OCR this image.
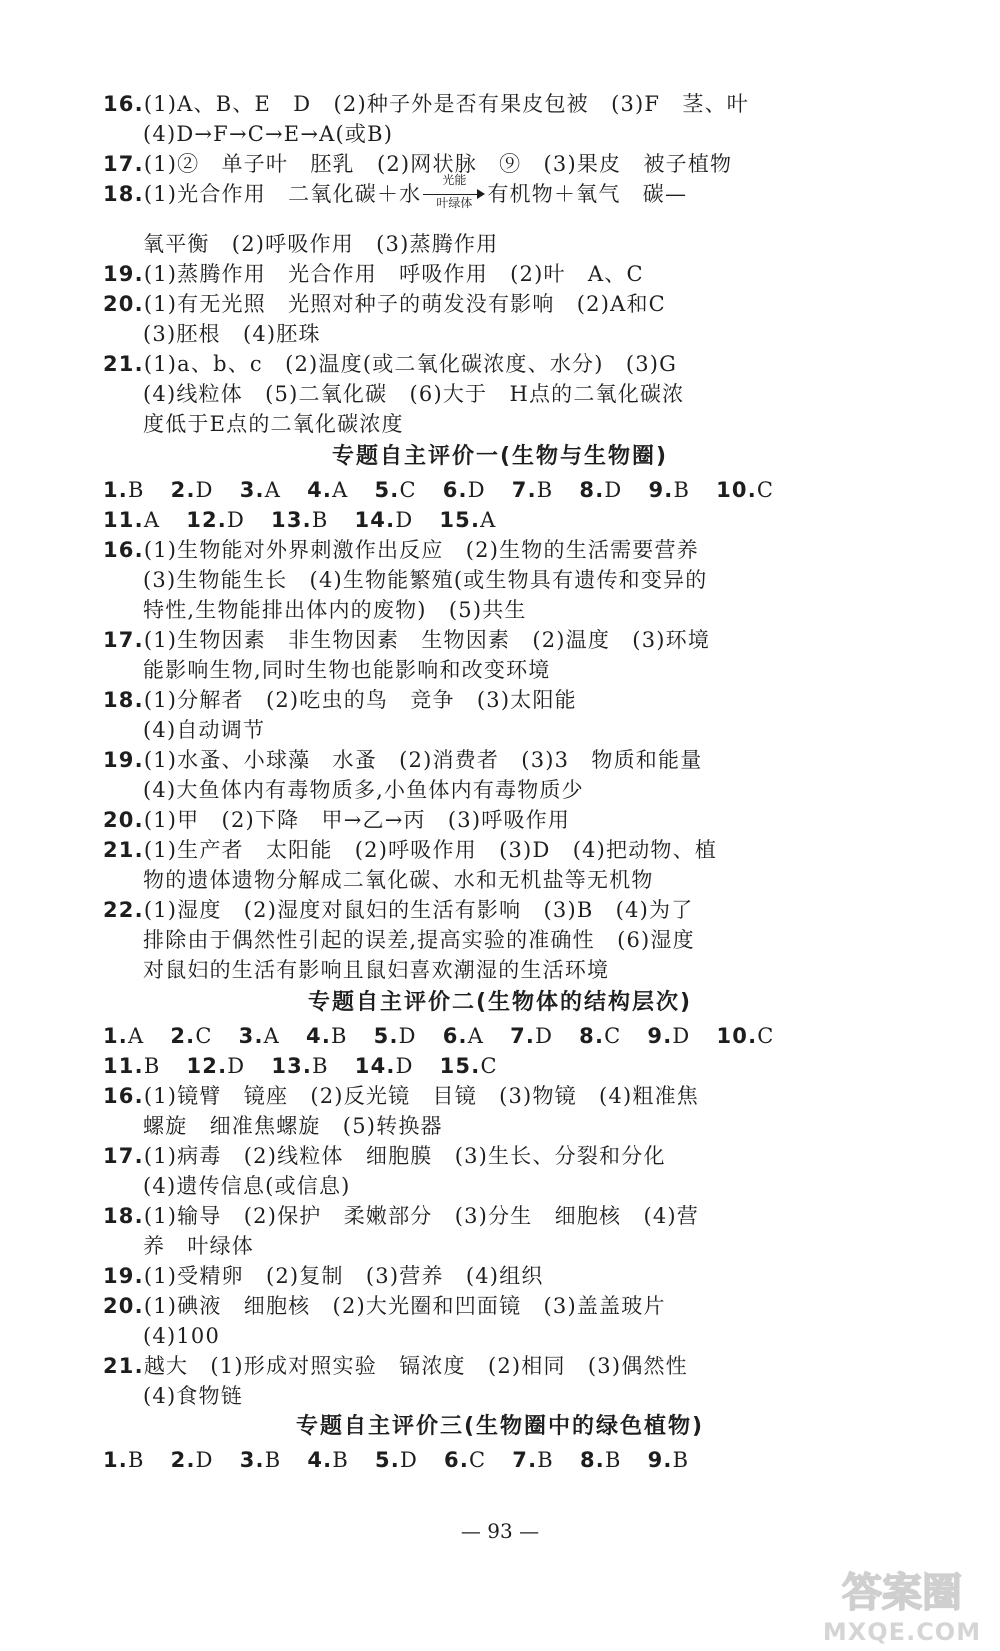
16.(1)A、B、E　D　(2)种子外是否有果皮包被　(3)F　茎、叶
(4)D→F→C→E→A(或B)
17.(1)②　单子叶　胚乳　(2)网状脉　⑨　(3)果皮　被子植物
氧平衡　(2)呼吸作用　(3)蒸腾作用
19.(1)蒸腾作用　光合作用　呼吸作用　(2)叶　A、C
20.(1)有无光照　光照对种子的萌发没有影响　(2)A和C
(3)胚根　(4)胚珠
21.(1)a、b、c　(2)温度(或二氧化碳浓度、水分)　(3)G
(4)线粒体　(5)二氧化碳　(6)大于　H点的二氧化碳浓
度低于E点的二氧化碳浓度
16.(1)生物能对外界刺激作出反应　(2)生物的生活需要营养
(3)生物能生长　(4)生物能繁殖(或生物具有遗传和变异的
特性,生物能排出体内的废物)　(5)共生
17.(1)生物因素　非生物因素　生物因素　(2)温度　(3)环境
能影响生物,同时生物也能影响和改变环境
18.(1)分解者　(2)吃虫的鸟　竞争　(3)太阳能
(4)自动调节
19.(1)水蚤、小球藻　水蚤　(2)消费者　(3)3　物质和能量
(4)大鱼体内有毒物质多,小鱼体内有毒物质少
20.(1)甲　(2)下降　甲→乙→丙　(3)呼吸作用
21.(1)生产者　太阳能　(2)呼吸作用　(3)D　(4)把动物、植
物的遗体遗物分解成二氧化碳、水和无机盐等无机物
22.(1)湿度　(2)湿度对鼠妇的生活有影响　(3)B　(4)为了
排除由于偶然性引起的误差,提高实验的准确性　(6)湿度
对鼠妇的生活有影响且鼠妇喜欢潮湿的生活环境
16.(1)镜臂　镜座　(2)反光镜　目镜　(3)物镜　(4)粗准焦
螺旋　细准焦螺旋　(5)转换器
17.(1)病毒　(2)线粒体　细胞膜　(3)生长、分裂和分化
(4)遗传信息(或信息)
18.(1)输导　(2)保护　柔嫩部分　(3)分生　细胞核　(4)营
养　叶绿体
19.(1)受精卵　(2)复制　(3)营养　(4)组织
20.(1)碘液　细胞核　(2)大光圈和凹面镜　(3)盖盖玻片
(4)100
21.越大　(1)形成对照实验　镉浓度　(2)相同　(3)偶然性
(4)食物链
18.(1)光合作用　二氧化碳＋水
光能
叶绿体 有机物＋氧气　碳—
专题自主评价一(生物与生物圈)
专题自主评价二(生物体的结构层次)
专题自主评价三(生物圈中的绿色植物)
1.B 2.D 3.A 4.A 5.C 6.D 7.B 8.D 9.B 10.C
11.A 12.D 13.B 14.D 15.A
1.A 2.C 3.A 4.B 5.D 6.A 7.D 8.C 9.D 10.C
11.B 12.D 13.B 14.D 15.C
1.B 2.D 3.B 4.B 5.D 6.C 7.B 8.B 9.B
— 93 —
答案圈
MXQE.COM
